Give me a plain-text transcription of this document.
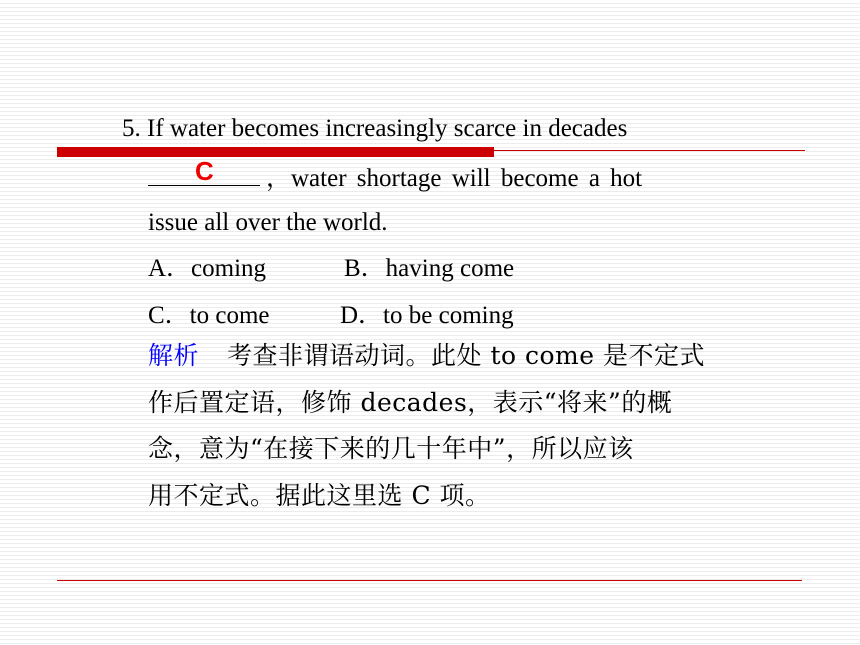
5. If water becomes increasingly scarce in decades
，water shortage will become a hot
C
issue all over the world.
A．coming	B．having come
C．to come	D．to be coming
解析 考查非谓语动词。此处 to come 是不定式
作后置定语，修饰 decades，表示“将来”的概
念，意为“在接下来的几十年中”，所以应该
用不定式。据此这里选 C 项。
